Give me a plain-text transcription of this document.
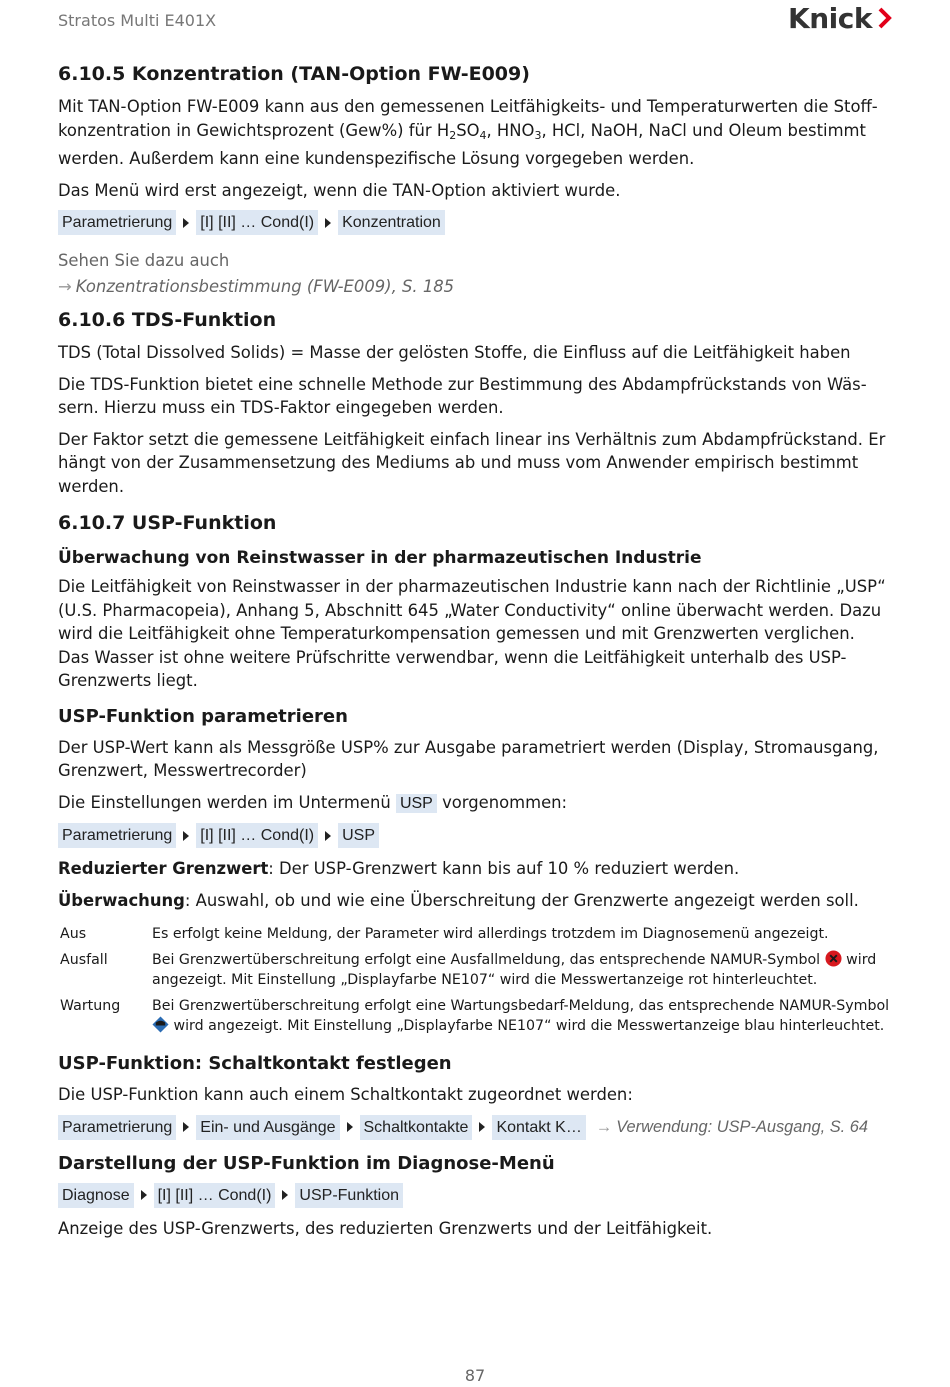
Stratos Multi E401X	Knick
6.10.5 Konzentration (TAN-Option FW-E009)

Mit TAN-Option FW-E009 kann aus den gemessenen Leitfähigkeits- und Temperaturwerten die Stoffkonzentration in Gewichtsprozent (Gew%) für $H_2SO_4$, $HNO_3$, HCl, NaOH, NaCl und Oleum bestimmt werden. Außerdem kann eine kundenspezifische Lösung vorgegeben werden.

Das Menü wird erst angezeigt, wenn die TAN-Option aktiviert wurde.

Parametrierung [I] [II] … Cond(I) Konzentration

Sehen Sie dazu auch

→ Konzentrationsbestimmung (FW-E009), S. 185

6.10.6 TDS-Funktion

TDS (Total Dissolved Solids) = Masse der gelösten Stoffe, die Einfluss auf die Leitfähigkeit haben

Die TDS-Funktion bietet eine schnelle Methode zur Bestimmung des Abdampfrückstands von Wässern. Hierzu muss ein TDS-Faktor eingegeben werden.

Der Faktor setzt die gemessene Leitfähigkeit einfach linear ins Verhältnis zum Abdampfrückstand. Er hängt von der Zusammensetzung des Mediums ab und muss vom Anwender empirisch bestimmt werden.

6.10.7 USP-Funktion
Überwachung von Reinstwasser in der pharmazeutischen Industrie

Die Leitfähigkeit von Reinstwasser in der pharmazeutischen Industrie kann nach der Richtlinie „USP“ (U.S. Pharmacopeia), Anhang 5, Abschnitt 645 „Water Conductivity“ online überwacht werden. Dazu wird die Leitfähigkeit ohne Temperaturkompensation gemessen und mit Grenzwerten verglichen. Das Wasser ist ohne weitere Prüfschritte verwendbar, wenn die Leitfähigkeit unterhalb des USP-Grenzwerts liegt.

USP-Funktion parametrieren

Der USP-Wert kann als Messgröße USP% zur Ausgabe parametriert werden (Display, Stromausgang, Grenzwert, Messwertrecorder)

Die Einstellungen werden im Untermenü USP vorgenommen:

Parametrierung [I] [II] … Cond(I) USP

Reduzierter Grenzwert: Der USP-Grenzwert kann bis auf 10 % reduziert werden.

Überwachung: Auswahl, ob und wie eine Überschreitung der Grenzwerte angezeigt werden soll.

Aus	Es erfolgt keine Meldung, der Parameter wird allerdings trotzdem im Diagnosemenü angezeigt.
Ausfall	Bei Grenzwertüberschreitung erfolgt eine Ausfallmeldung, das entsprechende NAMUR-Symbol wird angezeigt. Mit Einstellung „Displayfarbe NE107“ wird die Messwertanzeige rot hinterleuchtet.
Wartung	Bei Grenzwertüberschreitung erfolgt eine Wartungsbedarf-Meldung, das entsprechende NAMUR-Symbol  wird angezeigt. Mit Einstellung „Displayfarbe NE107“ wird die Messwertanzeige blau hinterleuchtet.
USP-Funktion: Schaltkontakt festlegen

Die USP-Funktion kann auch einem Schaltkontakt zugeordnet werden:

Parametrierung Ein- und Ausgänge Schaltkontakte Kontakt K… → Verwendung: USP-Ausgang, S. 64
Darstellung der USP-Funktion im Diagnose-Menü
Diagnose [I] [II] … Cond(I) USP-Funktion

Anzeige des USP-Grenzwerts, des reduzierten Grenzwerts und der Leitfähigkeit.

87
